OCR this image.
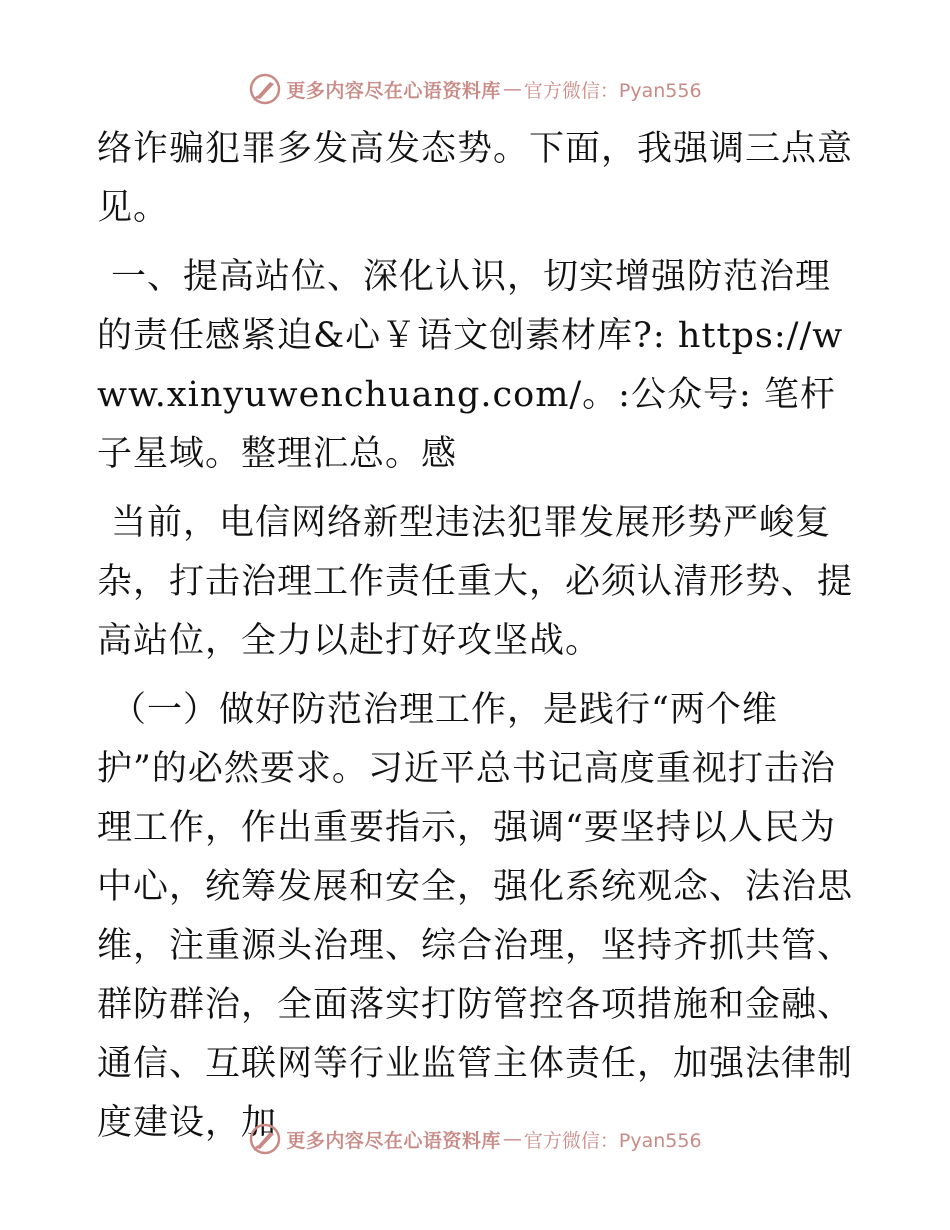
更多内容尽在心语资料库 — 官方微信：Pyan556

络诈骗犯罪多发高发态势。下面，我强调三点意见。

一、提高站位、深化认识，切实增强防范治理的责任感紧迫&心￥语文创素材库?: https://www.xinyuwenchuang.com/。:公众号: 笔杆子星域。整理汇总。感

当前，电信网络新型违法犯罪发展形势严峻复杂，打击治理工作责任重大，必须认清形势、提高站位，全力以赴打好攻坚战。

（一）做好防范治理工作，是践行“两个维护”的必然要求。习近平总书记高度重视打击治理工作，作出重要指示，强调“要坚持以人民为中心，统筹发展和安全，强化系统观念、法治思维，注重源头治理、综合治理，坚持齐抓共管、群防群治，全面落实打防管控各项措施和金融、通信、互联网等行业监管主体责任，加强法律制度建设，加 更多内容尽在心语资料库 — 官方微信：Pyan556
